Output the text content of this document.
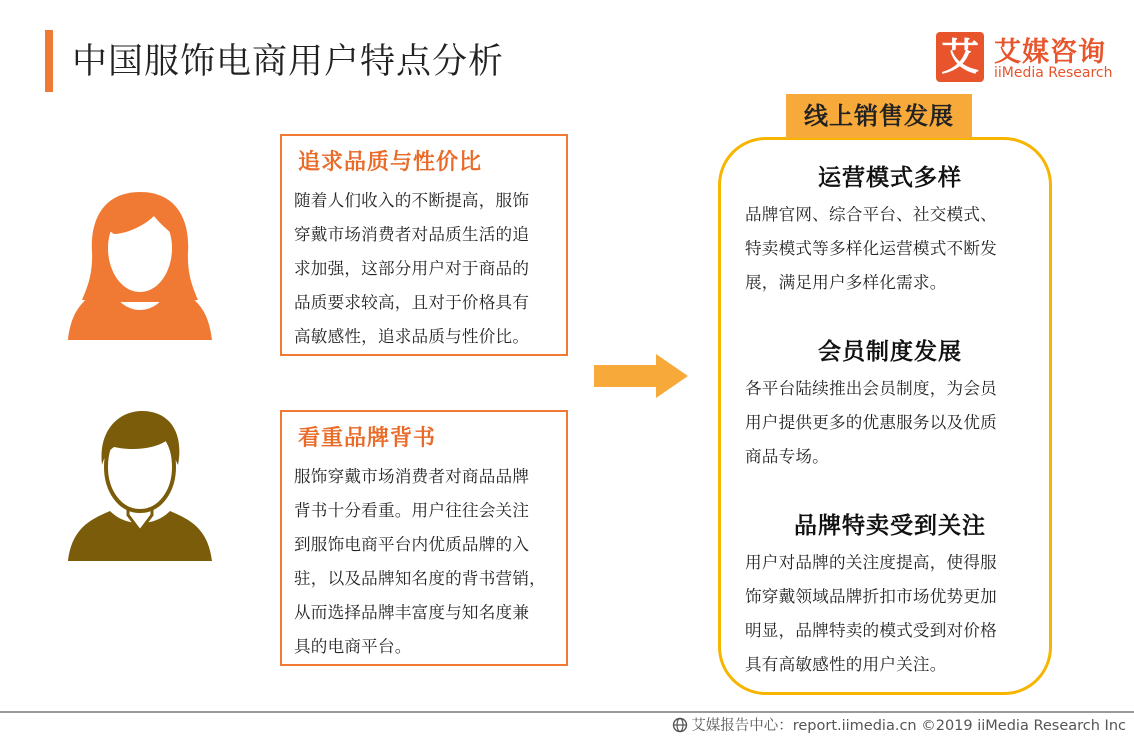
中国服饰电商用户特点分析	艾 艾媒咨询
iiMedia Research
追求品质与性价比
随着人们收入的不断提高，服饰
穿戴市场消费者对品质生活的追
求加强，这部分用户对于商品的
品质要求较高，且对于价格具有
高敏感性，追求品质与性价比。
看重品牌背书
服饰穿戴市场消费者对商品品牌
背书十分看重。用户往往会关注
到服饰电商平台内优质品牌的入
驻，以及品牌知名度的背书营销，
从而选择品牌丰富度与知名度兼
具的电商平台。
运营模式多样
品牌官网、综合平台、社交模式、
特卖模式等多样化运营模式不断发
展，满足用户多样化需求。
会员制度发展
各平台陆续推出会员制度，为会员
用户提供更多的优惠服务以及优质
商品专场。
品牌特卖受到关注
用户对品牌的关注度提高，使得服
饰穿戴领域品牌折扣市场优势更加
明显，品牌特卖的模式受到对价格
具有高敏感性的用户关注。
线上销售发展
艾媒报告中心：report.iimedia.cn ©2019 iiMedia Research Inc
